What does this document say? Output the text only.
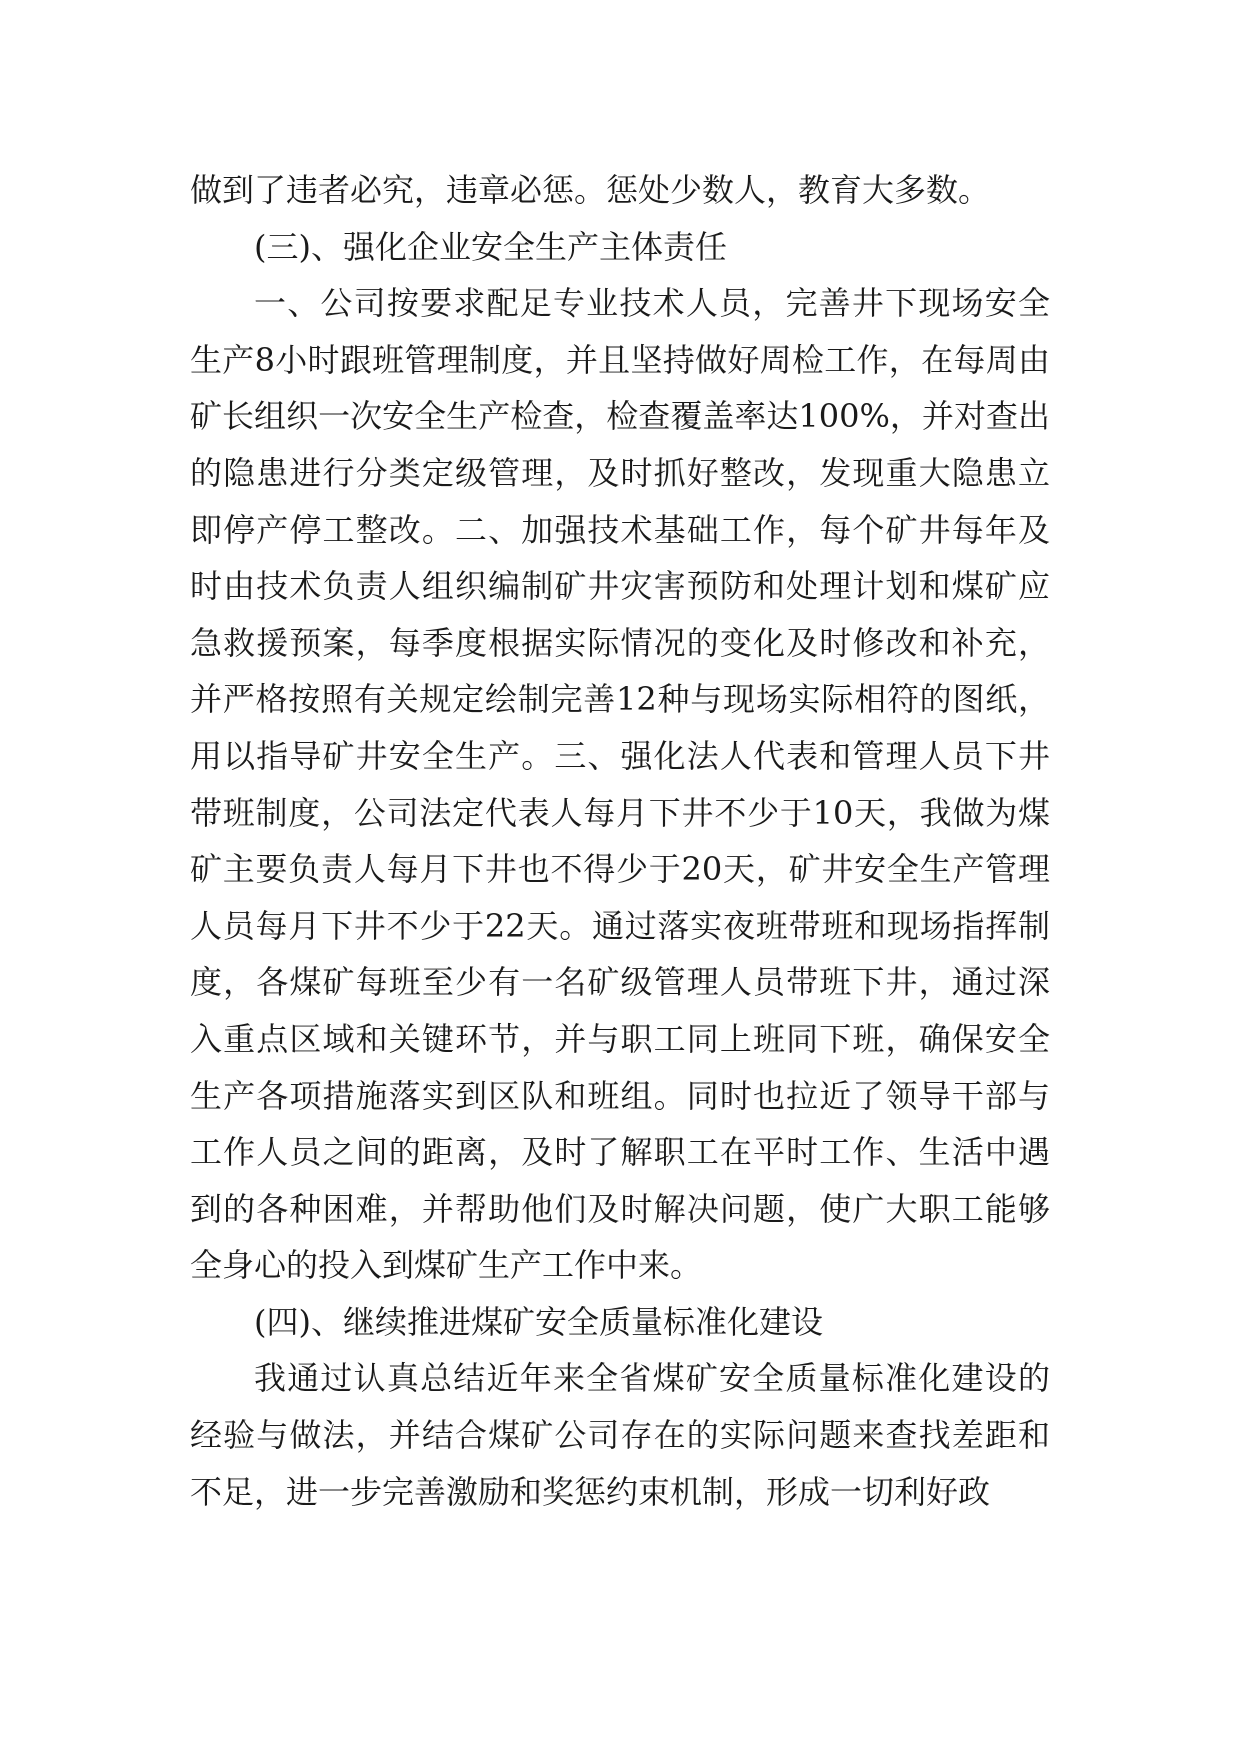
做到了违者必究，违章必惩。惩处少数人，教育大多数。

(三)、强化企业安全生产主体责任

一、公司按要求配足专业技术人员，完善井下现场安全生产8小时跟班管理制度，并且坚持做好周检工作，在每周由矿长组织一次安全生产检查，检查覆盖率达100%，并对查出的隐患进行分类定级管理，及时抓好整改，发现重大隐患立即停产停工整改。二、加强技术基础工作，每个矿井每年及时由技术负责人组织编制矿井灾害预防和处理计划和煤矿应急救援预案，每季度根据实际情况的变化及时修改和补充，并严格按照有关规定绘制完善12种与现场实际相符的图纸，用以指导矿井安全生产。三、强化法人代表和管理人员下井带班制度，公司法定代表人每月下井不少于10天，我做为煤矿主要负责人每月下井也不得少于20天，矿井安全生产管理人员每月下井不少于22天。通过落实夜班带班和现场指挥制度，各煤矿每班至少有一名矿级管理人员带班下井，通过深入重点区域和关键环节，并与职工同上班同下班，确保安全生产各项措施落实到区队和班组。同时也拉近了领导干部与工作人员之间的距离，及时了解职工在平时工作、生活中遇到的各种困难，并帮助他们及时解决问题，使广大职工能够全身心的投入到煤矿生产工作中来。

(四)、继续推进煤矿安全质量标准化建设

我通过认真总结近年来全省煤矿安全质量标准化建设的经验与做法，并结合煤矿公司存在的实际问题来查找差距和不足，进一步完善激励和奖惩约束机制，形成一切利好政
